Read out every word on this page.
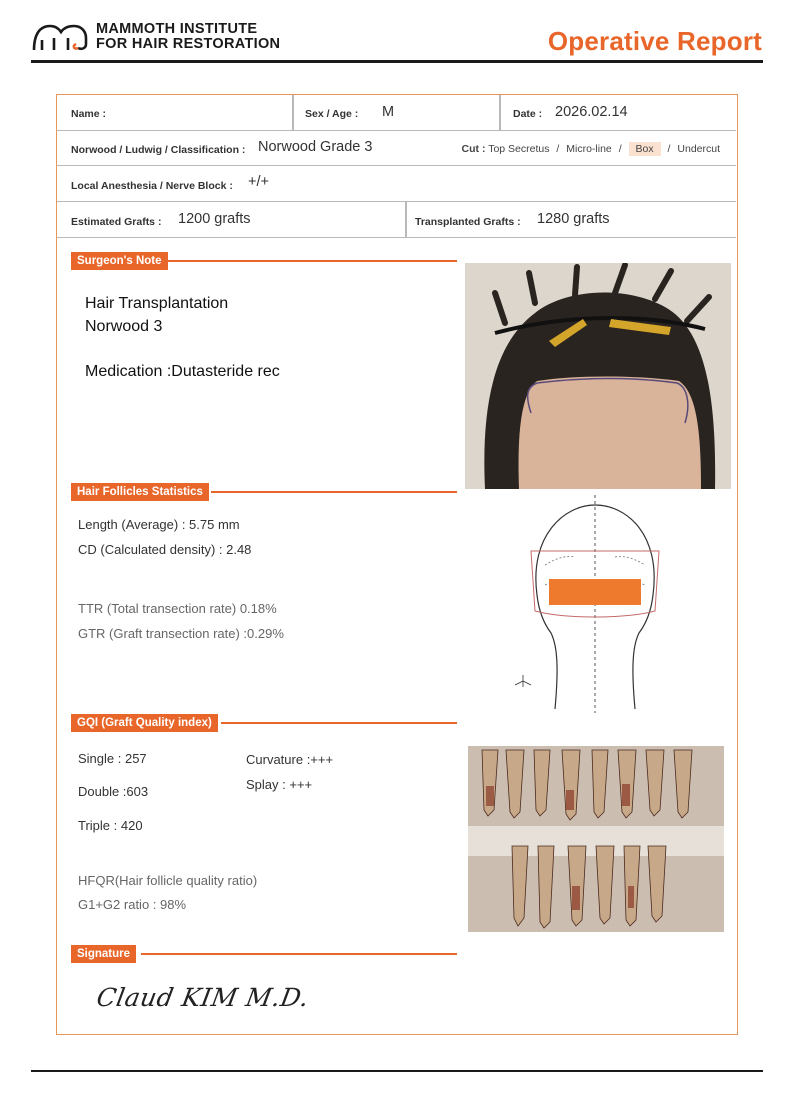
MAMMOTH INSTITUTE
FOR HAIR RESTORATION	Operative Report
Name :	Sex / Age : M	Date : 2026.02.14
Norwood / Ludwig / Classification : Norwood Grade 3	Cut : Top Secretus / Micro-line / Box / Undercut
Local Anesthesia / Nerve Block : +/+
Estimated Grafts : 1200 grafts	Transplanted Grafts : 1280 grafts
Surgeon's Note
Hair Transplantation
Norwood 3
Medication :Dutasteride rec
Hair Follicles Statistics
Length (Average) : 5.75 mm
CD (Calculated density) : 2.48
TTR (Total transection rate) 0.18%
GTR (Graft transection rate) :0.29%
GQI (Graft Quality index)
Single : 257
Double :603
Triple : 420
Curvature :+++
Splay : +++
HFQR(Hair follicle quality ratio)
G1+G2 ratio : 98%
Signature
Claud KIM M.D.
